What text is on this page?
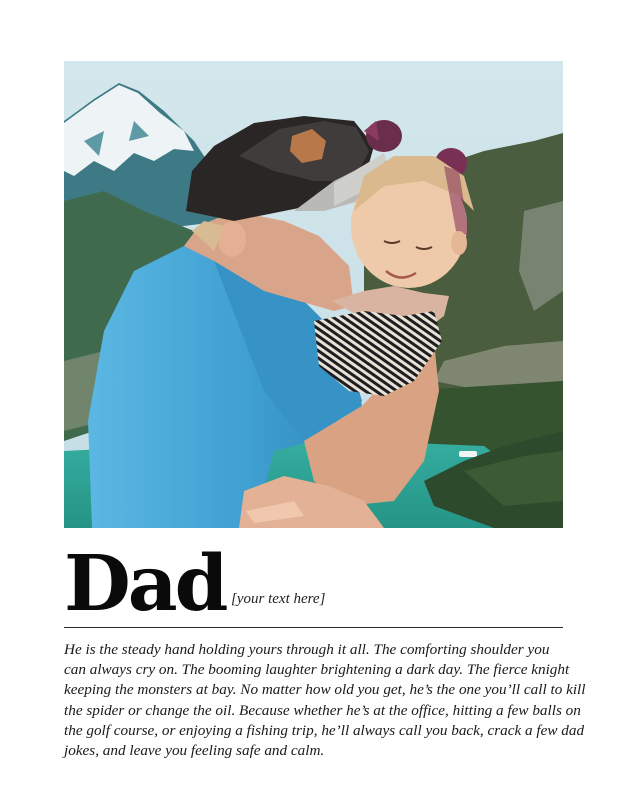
Dad [your text here]
He is the steady hand holding yours through it all. The comforting shoulder you
can always cry on. The booming laughter brightening a dark day. The fierce knight
keeping the monsters at bay. No matter how old you get, he’s the one you’ll call to kill
the spider or change the oil. Because whether he’s at the office, hitting a few balls on
the golf course, or enjoying a fishing trip, he’ll always call you back, crack a few dad
jokes, and leave you feeling safe and calm.
